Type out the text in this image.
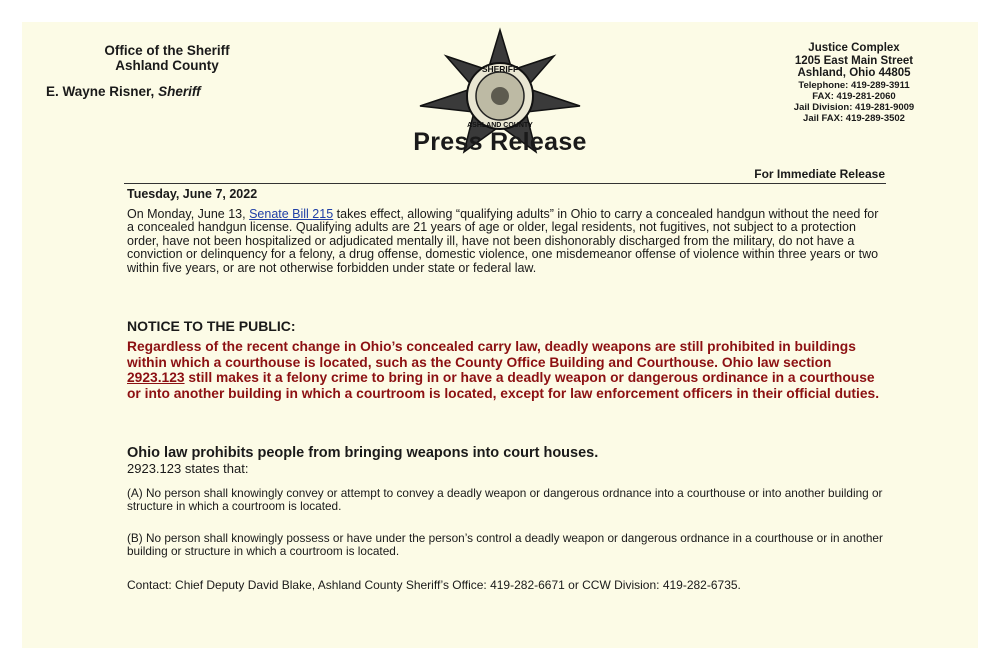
Office of the Sheriff
Ashland County
E. Wayne Risner, Sheriff
SHERIFF
ASHLAND COUNTY
Justice Complex
1205 East Main Street
Ashland, Ohio 44805
Telephone: 419-289-3911
FAX: 419-281-2060
Jail Division: 419-281-9009
Jail FAX: 419-289-3502
Press Release
For Immediate Release
Tuesday, June 7, 2022

On Monday, June 13, Senate Bill 215 takes effect, allowing “qualifying adults” in Ohio to carry a concealed handgun without the need for a concealed handgun license. Qualifying adults are 21 years of age or older, legal residents, not fugitives, not subject to a protection order, have not been hospitalized or adjudicated mentally ill, have not been dishonorably discharged from the military, do not have a conviction or delinquency for a felony, a drug offense, domestic violence, one misdemeanor offense of violence within three years or two within five years, or are not otherwise forbidden under state or federal law.

NOTICE TO THE PUBLIC:

Regardless of the recent change in Ohio’s concealed carry law, deadly weapons are still prohibited in buildings within which a courthouse is located, such as the County Office Building and Courthouse. Ohio law section 2923.123 still makes it a felony crime to bring in or have a deadly weapon or dangerous ordinance in a courthouse or into another building in which a courtroom is located, except for law enforcement officers in their official duties.

Ohio law prohibits people from bringing weapons into court houses.
2923.123 states that:

(A) No person shall knowingly convey or attempt to convey a deadly weapon or dangerous ordnance into a courthouse or into another building or structure in which a courtroom is located.

(B) No person shall knowingly possess or have under the person’s control a deadly weapon or dangerous ordnance in a courthouse or in another building or structure in which a courtroom is located.

Contact: Chief Deputy David Blake, Ashland County Sheriff’s Office: 419-282-6671 or CCW Division: 419-282-6735.
